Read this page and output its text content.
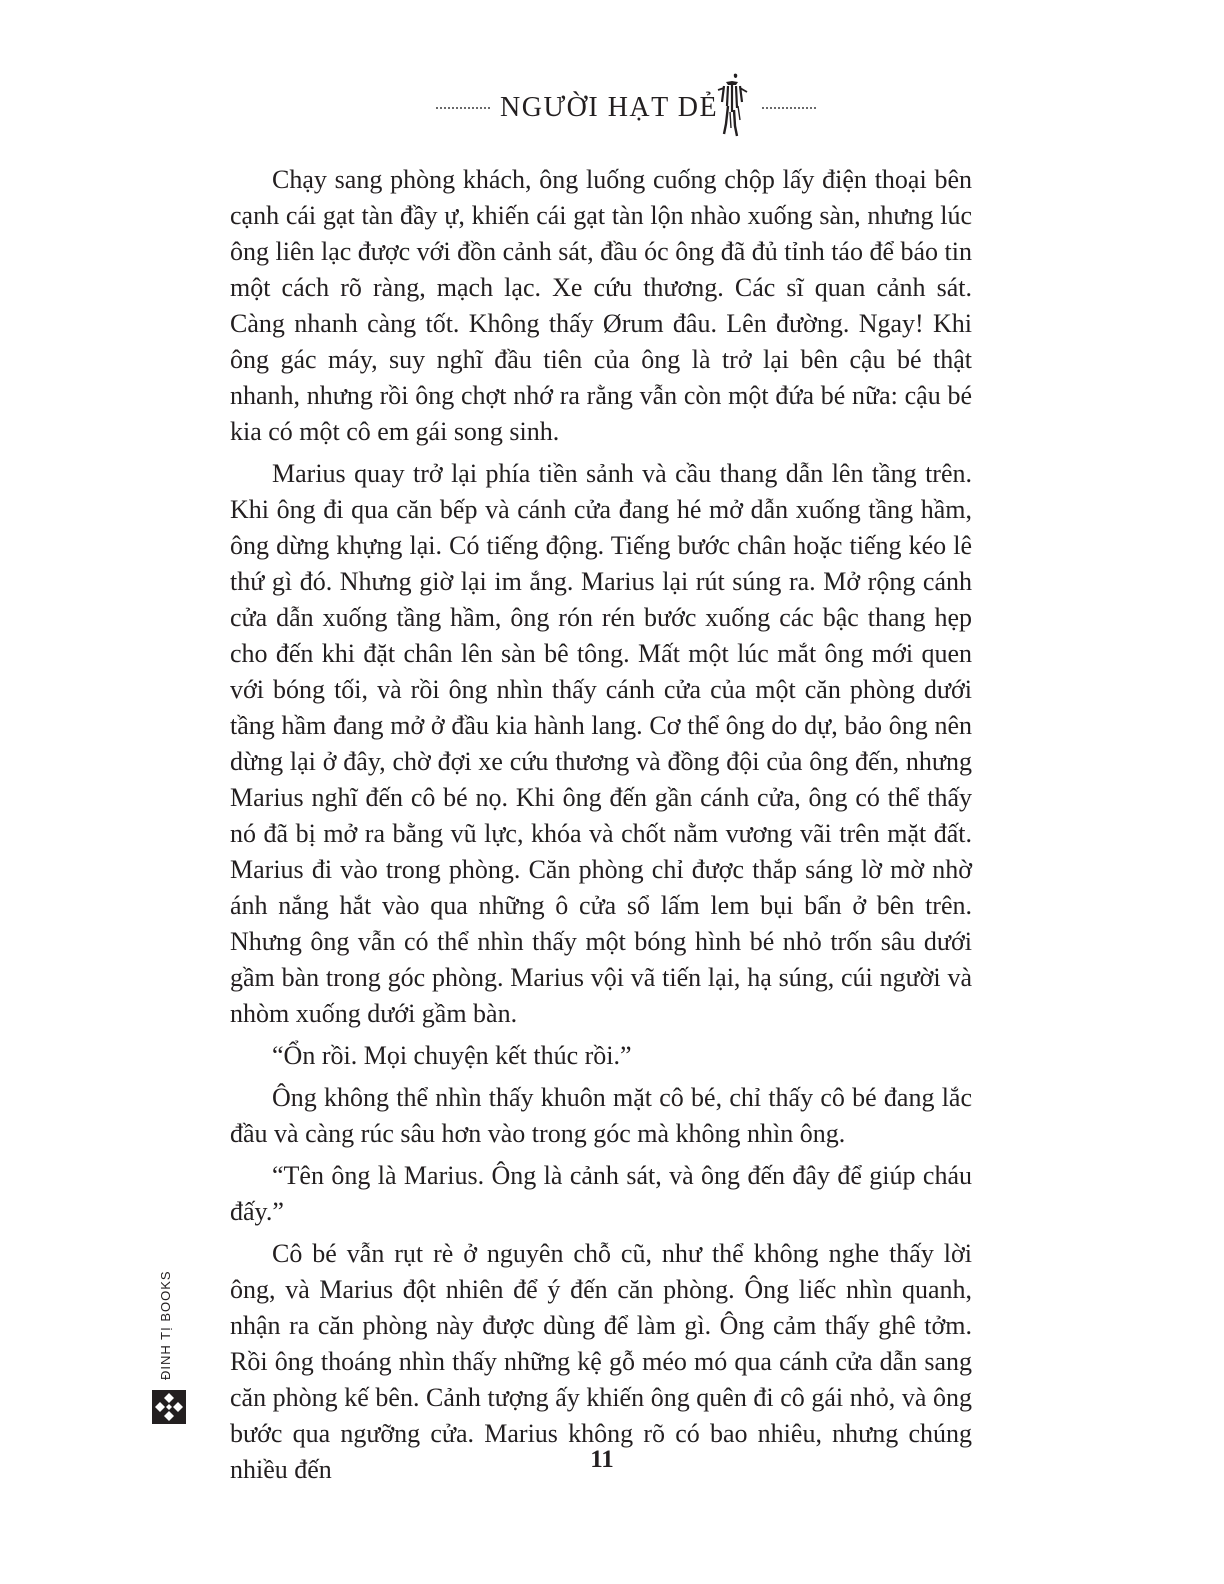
NGƯỜI HẠT DẺ

Chạy sang phòng khách, ông luống cuống chộp lấy điện thoại bên cạnh cái gạt tàn đầy ự, khiến cái gạt tàn lộn nhào xuống sàn, nhưng lúc ông liên lạc được với đồn cảnh sát, đầu óc ông đã đủ tỉnh táo để báo tin một cách rõ ràng, mạch lạc. Xe cứu thương. Các sĩ quan cảnh sát. Càng nhanh càng tốt. Không thấy Ørum đâu. Lên đường. Ngay! Khi ông gác máy, suy nghĩ đầu tiên của ông là trở lại bên cậu bé thật nhanh, nhưng rồi ông chợt nhớ ra rằng vẫn còn một đứa bé nữa: cậu bé kia có một cô em gái song sinh.

Marius quay trở lại phía tiền sảnh và cầu thang dẫn lên tầng trên. Khi ông đi qua căn bếp và cánh cửa đang hé mở dẫn xuống tầng hầm, ông dừng khựng lại. Có tiếng động. Tiếng bước chân hoặc tiếng kéo lê thứ gì đó. Nhưng giờ lại im ắng. Marius lại rút súng ra. Mở rộng cánh cửa dẫn xuống tầng hầm, ông rón rén bước xuống các bậc thang hẹp cho đến khi đặt chân lên sàn bê tông. Mất một lúc mắt ông mới quen với bóng tối, và rồi ông nhìn thấy cánh cửa của một căn phòng dưới tầng hầm đang mở ở đầu kia hành lang. Cơ thể ông do dự, bảo ông nên dừng lại ở đây, chờ đợi xe cứu thương và đồng đội của ông đến, nhưng Marius nghĩ đến cô bé nọ. Khi ông đến gần cánh cửa, ông có thể thấy nó đã bị mở ra bằng vũ lực, khóa và chốt nằm vương vãi trên mặt đất. Marius đi vào trong phòng. Căn phòng chỉ được thắp sáng lờ mờ nhờ ánh nắng hắt vào qua những ô cửa sổ lấm lem bụi bẩn ở bên trên. Nhưng ông vẫn có thể nhìn thấy một bóng hình bé nhỏ trốn sâu dưới gầm bàn trong góc phòng. Marius vội vã tiến lại, hạ súng, cúi người và nhòm xuống dưới gầm bàn.

“Ổn rồi. Mọi chuyện kết thúc rồi.”

Ông không thể nhìn thấy khuôn mặt cô bé, chỉ thấy cô bé đang lắc đầu và càng rúc sâu hơn vào trong góc mà không nhìn ông.

“Tên ông là Marius. Ông là cảnh sát, và ông đến đây để giúp cháu đấy.”

Cô bé vẫn rụt rè ở nguyên chỗ cũ, như thể không nghe thấy lời ông, và Marius đột nhiên để ý đến căn phòng. Ông liếc nhìn quanh, nhận ra căn phòng này được dùng để làm gì. Ông cảm thấy ghê tởm. Rồi ông thoáng nhìn thấy những kệ gỗ méo mó qua cánh cửa dẫn sang căn phòng kế bên. Cảnh tượng ấy khiến ông quên đi cô gái nhỏ, và ông bước qua ngưỡng cửa. Marius không rõ có bao nhiêu, nhưng chúng nhiều đến

ĐINH TỊ BOOKS
11
